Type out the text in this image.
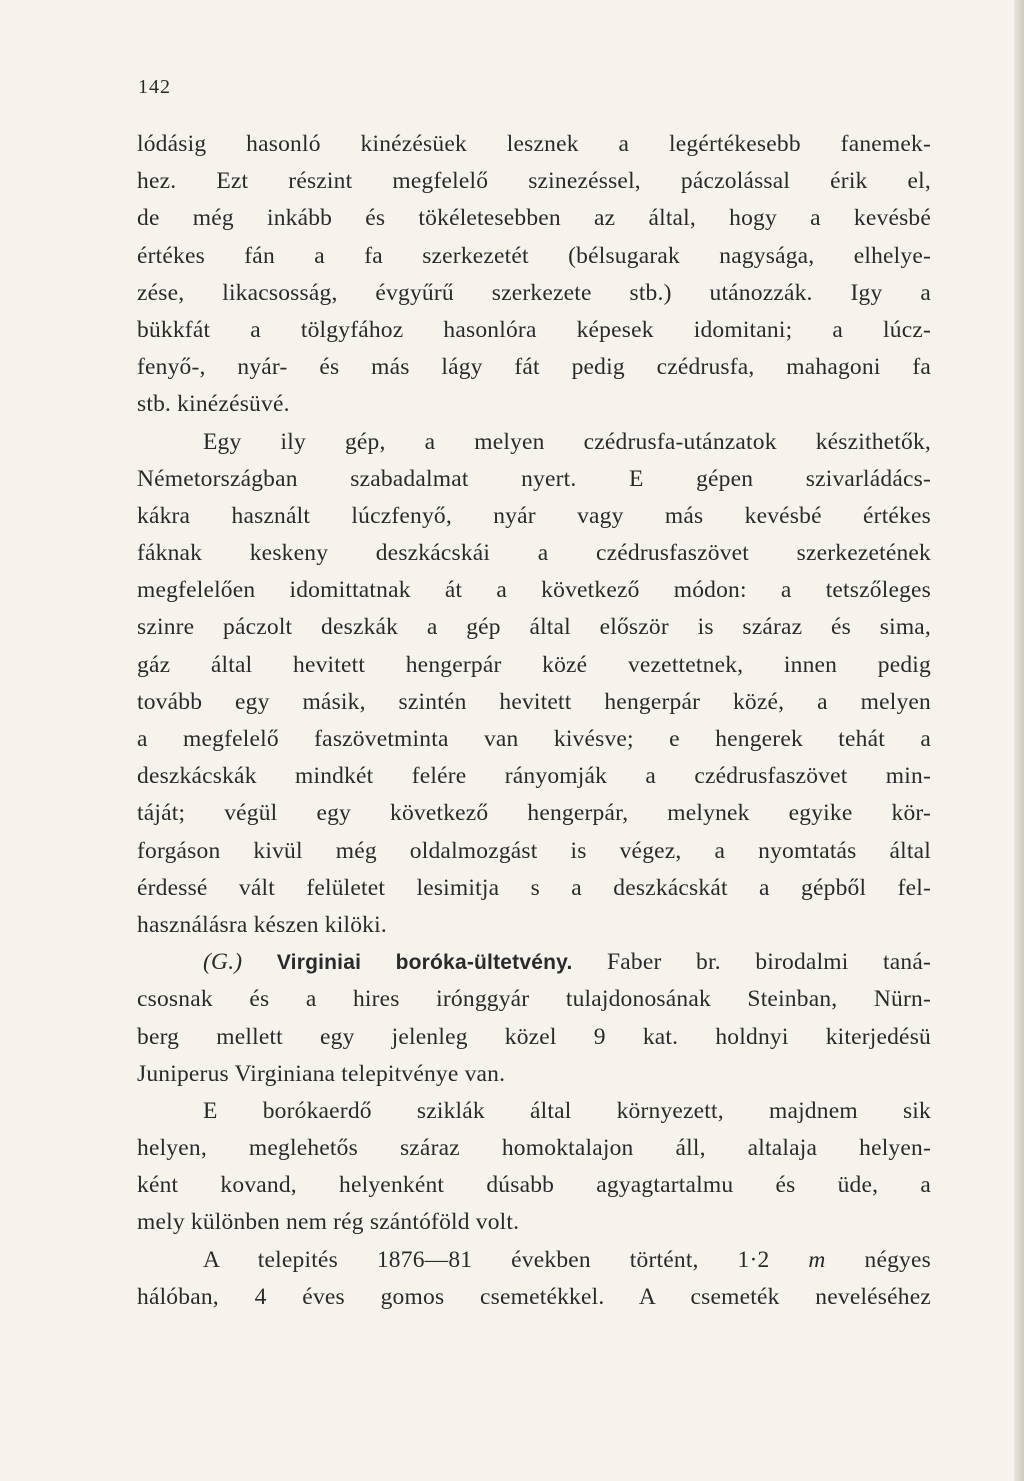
142
lódásig hasonló kinézésüek lesznek a legértékesebb fanemek-
hez. Ezt részint megfelelő szinezéssel, páczolással érik el,
de még inkább és tökéletesebben az által, hogy a kevésbé
értékes fán a fa szerkezetét (bélsugarak nagysága, elhelye-
zése, likacsosság, évgyűrű szerkezete stb.) utánozzák. Igy a
bükkfát a tölgyfához hasonlóra képesek idomitani; a lúcz-
fenyő-, nyár- és más lágy fát pedig czédrusfa, mahagoni fa
stb. kinézésüvé.
Egy ily gép, a melyen czédrusfa-utánzatok készithetők,
Németországban szabadalmat nyert. E gépen szivarládács-
kákra használt lúczfenyő, nyár vagy más kevésbé értékes
fáknak keskeny deszkácskái a czédrusfaszövet szerkezetének
megfelelően idomittatnak át a következő módon: a tetszőleges
szinre páczolt deszkák a gép által először is száraz és sima,
gáz által hevitett hengerpár közé vezettetnek, innen pedig
tovább egy másik, szintén hevitett hengerpár közé, a melyen
a megfelelő faszövetminta van kivésve; e hengerek tehát a
deszkácskák mindkét felére rányomják a czédrusfaszövet min-
táját; végül egy következő hengerpár, melynek egyike kör-
forgáson kivül még oldalmozgást is végez, a nyomtatás által
érdessé vált felületet lesimitja s a deszkácskát a gépből fel-
használásra készen kilöki.
(G.) Virginiai boróka-ültetvény. Faber br. birodalmi taná-
csosnak és a hires irónggyár tulajdonosának Steinban, Nürn-
berg mellett egy jelenleg közel 9 kat. holdnyi kiterjedésü
Juniperus Virginiana telepitvénye van.
E borókaerdő sziklák által környezett, majdnem sik
helyen, meglehetős száraz homoktalajon áll, altalaja helyen-
ként kovand, helyenként dúsabb agyagtartalmu és üde, a
mely különben nem rég szántóföld volt.
A telepités 1876—81 években történt, 1·2 m négyes
hálóban, 4 éves gomos csemetékkel. A csemeték neveléséhez
